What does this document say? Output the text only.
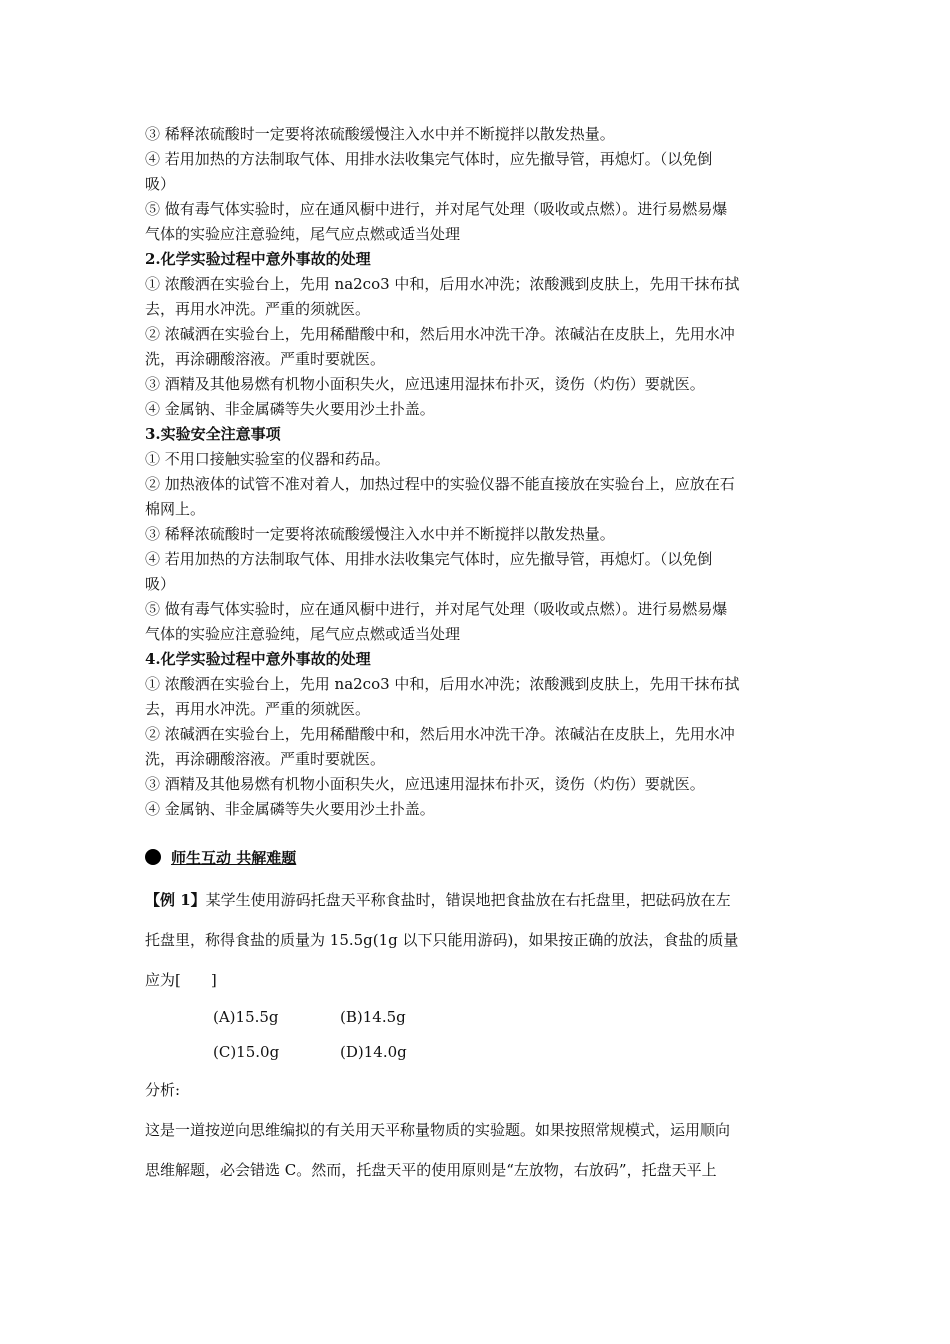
③ 稀释浓硫酸时一定要将浓硫酸缓慢注入水中并不断搅拌以散发热量。
④ 若用加热的方法制取气体、用排水法收集完气体时，应先撤导管，再熄灯。（以免倒
吸）
⑤ 做有毒气体实验时，应在通风橱中进行，并对尾气处理（吸收或点燃）。进行易燃易爆
气体的实验应注意验纯，尾气应点燃或适当处理
2.化学实验过程中意外事故的处理
① 浓酸洒在实验台上，先用 na2co3 中和，后用水冲洗；浓酸溅到皮肤上，先用干抹布拭
去，再用水冲洗。严重的须就医。
② 浓碱洒在实验台上，先用稀醋酸中和，然后用水冲洗干净。浓碱沾在皮肤上，先用水冲
洗，再涂硼酸溶液。严重时要就医。
③ 酒精及其他易燃有机物小面积失火，应迅速用湿抹布扑灭，烫伤（灼伤）要就医。
④ 金属钠、非金属磷等失火要用沙土扑盖。
3.实验安全注意事项
① 不用口接触实验室的仪器和药品。
② 加热液体的试管不准对着人，加热过程中的实验仪器不能直接放在实验台上，应放在石
棉网上。
③ 稀释浓硫酸时一定要将浓硫酸缓慢注入水中并不断搅拌以散发热量。
④ 若用加热的方法制取气体、用排水法收集完气体时，应先撤导管，再熄灯。（以免倒
吸）
⑤ 做有毒气体实验时，应在通风橱中进行，并对尾气处理（吸收或点燃）。进行易燃易爆
气体的实验应注意验纯，尾气应点燃或适当处理
4.化学实验过程中意外事故的处理
① 浓酸洒在实验台上，先用 na2co3 中和，后用水冲洗；浓酸溅到皮肤上，先用干抹布拭
去，再用水冲洗。严重的须就医。
② 浓碱洒在实验台上，先用稀醋酸中和，然后用水冲洗干净。浓碱沾在皮肤上，先用水冲
洗，再涂硼酸溶液。严重时要就医。
③ 酒精及其他易燃有机物小面积失火，应迅速用湿抹布扑灭，烫伤（灼伤）要就医。
④ 金属钠、非金属磷等失火要用沙土扑盖。
师生互动 共解难题
【例 1】某学生使用游码托盘天平称食盐时，错误地把食盐放在右托盘里，把砝码放在左
托盘里，称得食盐的质量为 15.5g(1g 以下只能用游码)，如果按正确的放法，食盐的质量
应为[　　]
(A)15.5g	(B)14.5g
(C)15.0g	(D)14.0g
分析:
这是一道按逆向思维编拟的有关用天平称量物质的实验题。如果按照常规模式，运用顺向
思维解题，必会错选 C。然而，托盘天平的使用原则是“左放物，右放码”，托盘天平上
